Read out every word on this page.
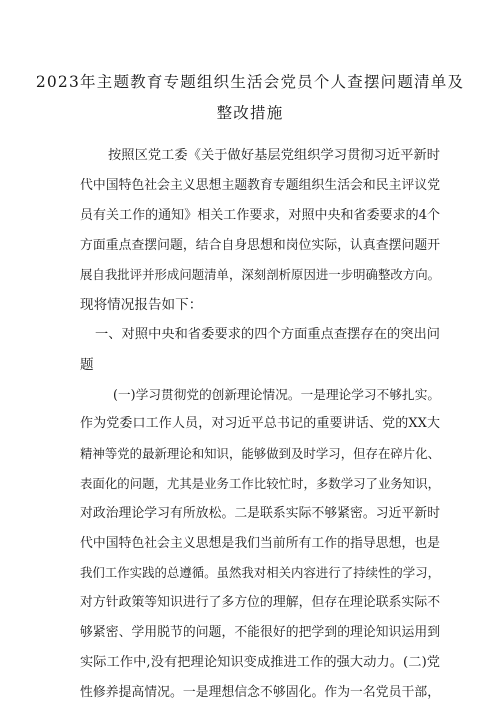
2023年主题教育专题组织生活会党员个人查摆问题清单及
整改措施
按照区党工委《关于做好基层党组织学习贯彻习近平新时
代中国特色社会主义思想主题教育专题组织生活会和民主评议党
员有关工作的通知》相关工作要求，对照中央和省委要求的4个
方面重点查摆问题，结合自身思想和岗位实际，认真查摆问题开
展自我批评并形成问题清单，深刻剖析原因进一步明确整改方向。
现将情况报告如下：
一、对照中央和省委要求的四个方面重点查摆存在的突出问
题
(一)学习贯彻党的创新理论情况。一是理论学习不够扎实。
作为党委口工作人员，对习近平总书记的重要讲话、党的XX大
精神等党的最新理论和知识，能够做到及时学习，但存在碎片化、
表面化的问题，尤其是业务工作比较忙时，多数学习了业务知识，
对政治理论学习有所放松。二是联系实际不够紧密。习近平新时
代中国特色社会主义思想是我们当前所有工作的指导思想，也是
我们工作实践的总遵循。虽然我对相关内容进行了持续性的学习，
对方针政策等知识进行了多方位的理解，但存在理论联系实际不
够紧密、学用脱节的问题，不能很好的把学到的理论知识运用到
实际工作中,没有把理论知识变成推进工作的强大动力。(二)党
性修养提高情况。一是理想信念不够固化。作为一名党员干部，
